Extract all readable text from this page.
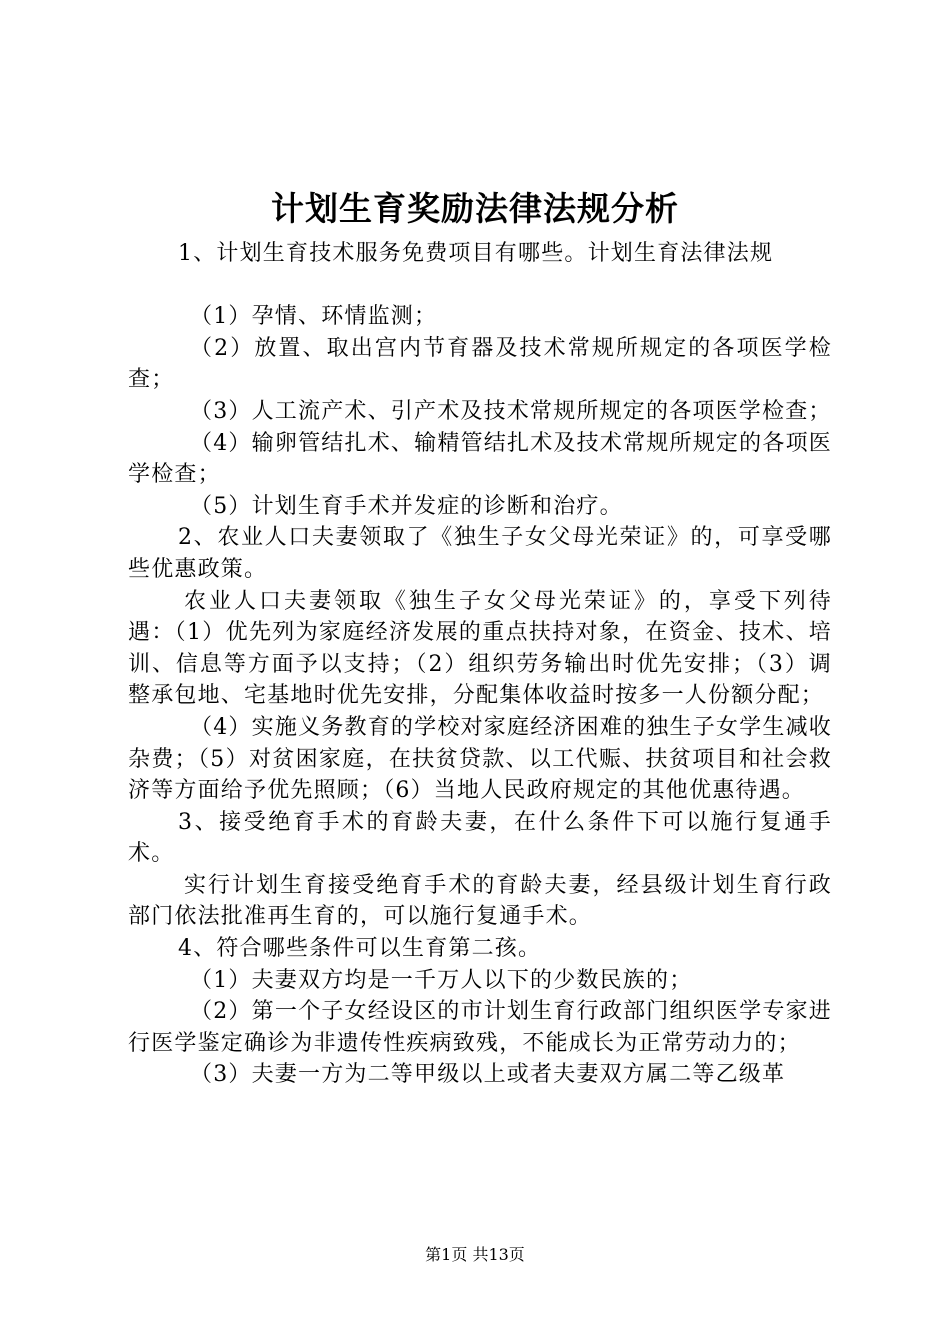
计划生育奖励法律法规分析

1、计划生育技术服务免费项目有哪些。计划生育法律法规

（1）孕情、环情监测；

（2）放置、取出宫内节育器及技术常规所规定的各项医学检查；

（3）人工流产术、引产术及技术常规所规定的各项医学检查；

（4）输卵管结扎术、输精管结扎术及技术常规所规定的各项医学检查；

（5）计划生育手术并发症的诊断和治疗。

2、农业人口夫妻领取了《独生子女父母光荣证》的，可享受哪些优惠政策。

农业人口夫妻领取《独生子女父母光荣证》的，享受下列待遇：（1）优先列为家庭经济发展的重点扶持对象，在资金、技术、培训、信息等方面予以支持；（2）组织劳务输出时优先安排；（3）调整承包地、宅基地时优先安排，分配集体收益时按多一人份额分配；

（4）实施义务教育的学校对家庭经济困难的独生子女学生减收杂费；（5）对贫困家庭，在扶贫贷款、以工代赈、扶贫项目和社会救济等方面给予优先照顾；（6）当地人民政府规定的其他优惠待遇。

3、接受绝育手术的育龄夫妻，在什么条件下可以施行复通手术。

实行计划生育接受绝育手术的育龄夫妻，经县级计划生育行政部门依法批准再生育的，可以施行复通手术。

4、符合哪些条件可以生育第二孩。

（1）夫妻双方均是一千万人以下的少数民族的；

（2）第一个子女经设区的市计划生育行政部门组织医学专家进行医学鉴定确诊为非遗传性疾病致残，不能成长为正常劳动力的；

（3）夫妻一方为二等甲级以上或者夫妻双方属二等乙级革

第1页 共13页
